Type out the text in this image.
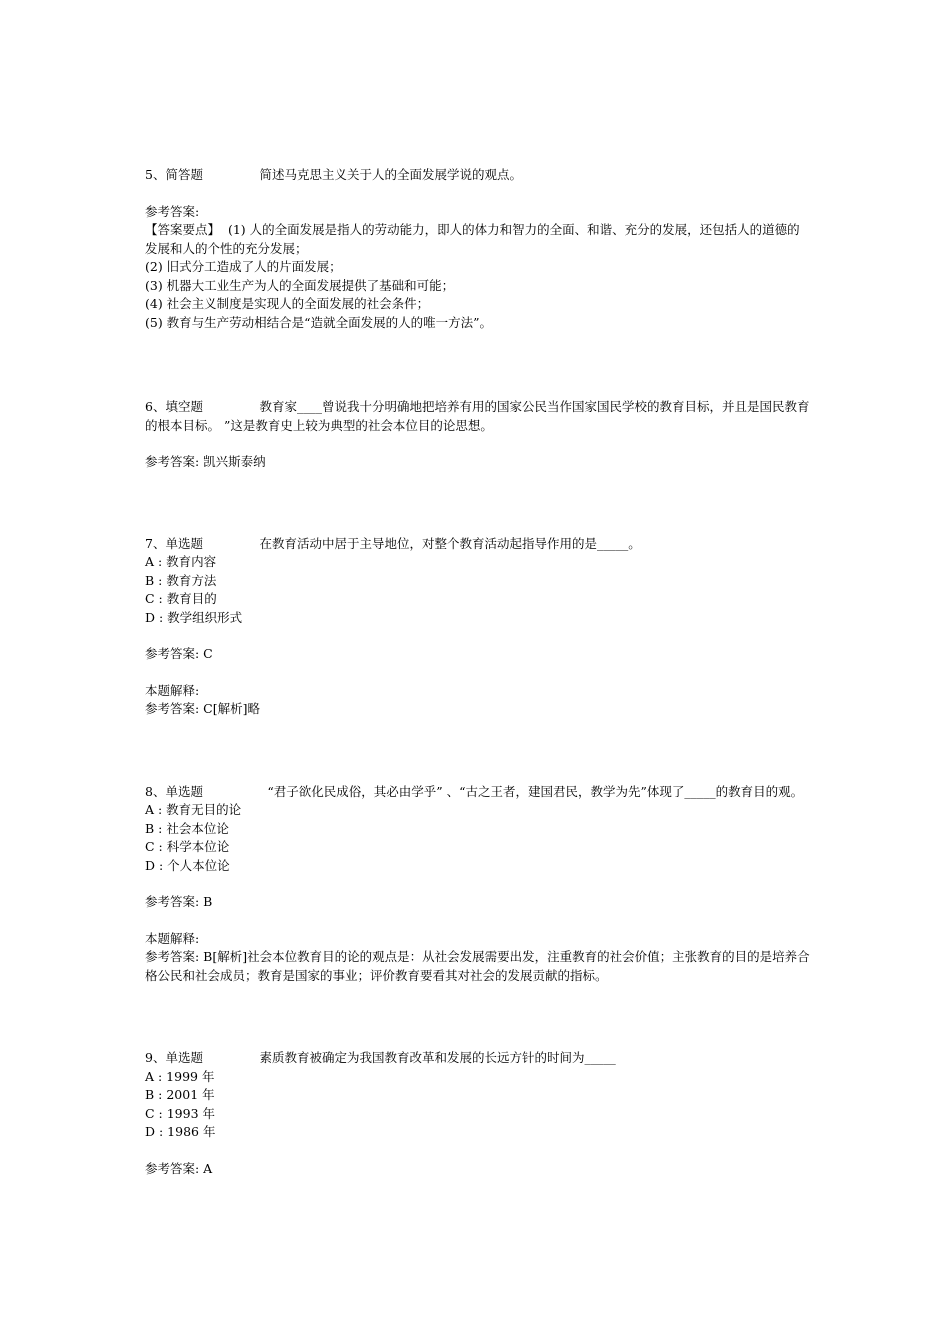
5、简答题	简述马克思主义关于人的全面发展学说的观点。
参考答案:
【答案要点】  (1) 人的全面发展是指人的劳动能力，即人的体力和智力的全面、和谐、充分的发展，还包括人的道德的发展和人的个性的充分发展；
(2) 旧式分工造成了人的片面发展；
(3) 机器大工业生产为人的全面发展提供了基础和可能；
(4) 社会主义制度是实现人的全面发展的社会条件；
(5) 教育与生产劳动相结合是“造就全面发展的人的唯一方法”。
6、填空题	教育家____曾说我十分明确地把培养有用的国家公民当作国家国民学校的教育目标，并且是国民教育的根本目标。 ”这是教育史上较为典型的社会本位目的论思想。
参考答案: 凯兴斯泰纳
7、单选题	在教育活动中居于主导地位，对整个教育活动起指导作用的是_____。
A : 教育内容
B : 教育方法
C : 教育目的
D : 教学组织形式
参考答案: C
本题解释:
参考答案: C[解析]略
8、单选题	“君子欲化民成俗，其必由学乎” 、“古之王者，建国君民，教学为先”体现了_____的教育目的观。
A : 教育无目的论
B : 社会本位论
C : 科学本位论
D : 个人本位论
参考答案: B
本题解释:
参考答案: B[解析]社会本位教育目的论的观点是：从社会发展需要出发，注重教育的社会价值；主张教育的目的是培养合格公民和社会成员；教育是国家的事业；评价教育要看其对社会的发展贡献的指标。
9、单选题	素质教育被确定为我国教育改革和发展的长远方针的时间为_____
A : 1999 年
B : 2001 年
C : 1993 年
D : 1986 年
参考答案: A
